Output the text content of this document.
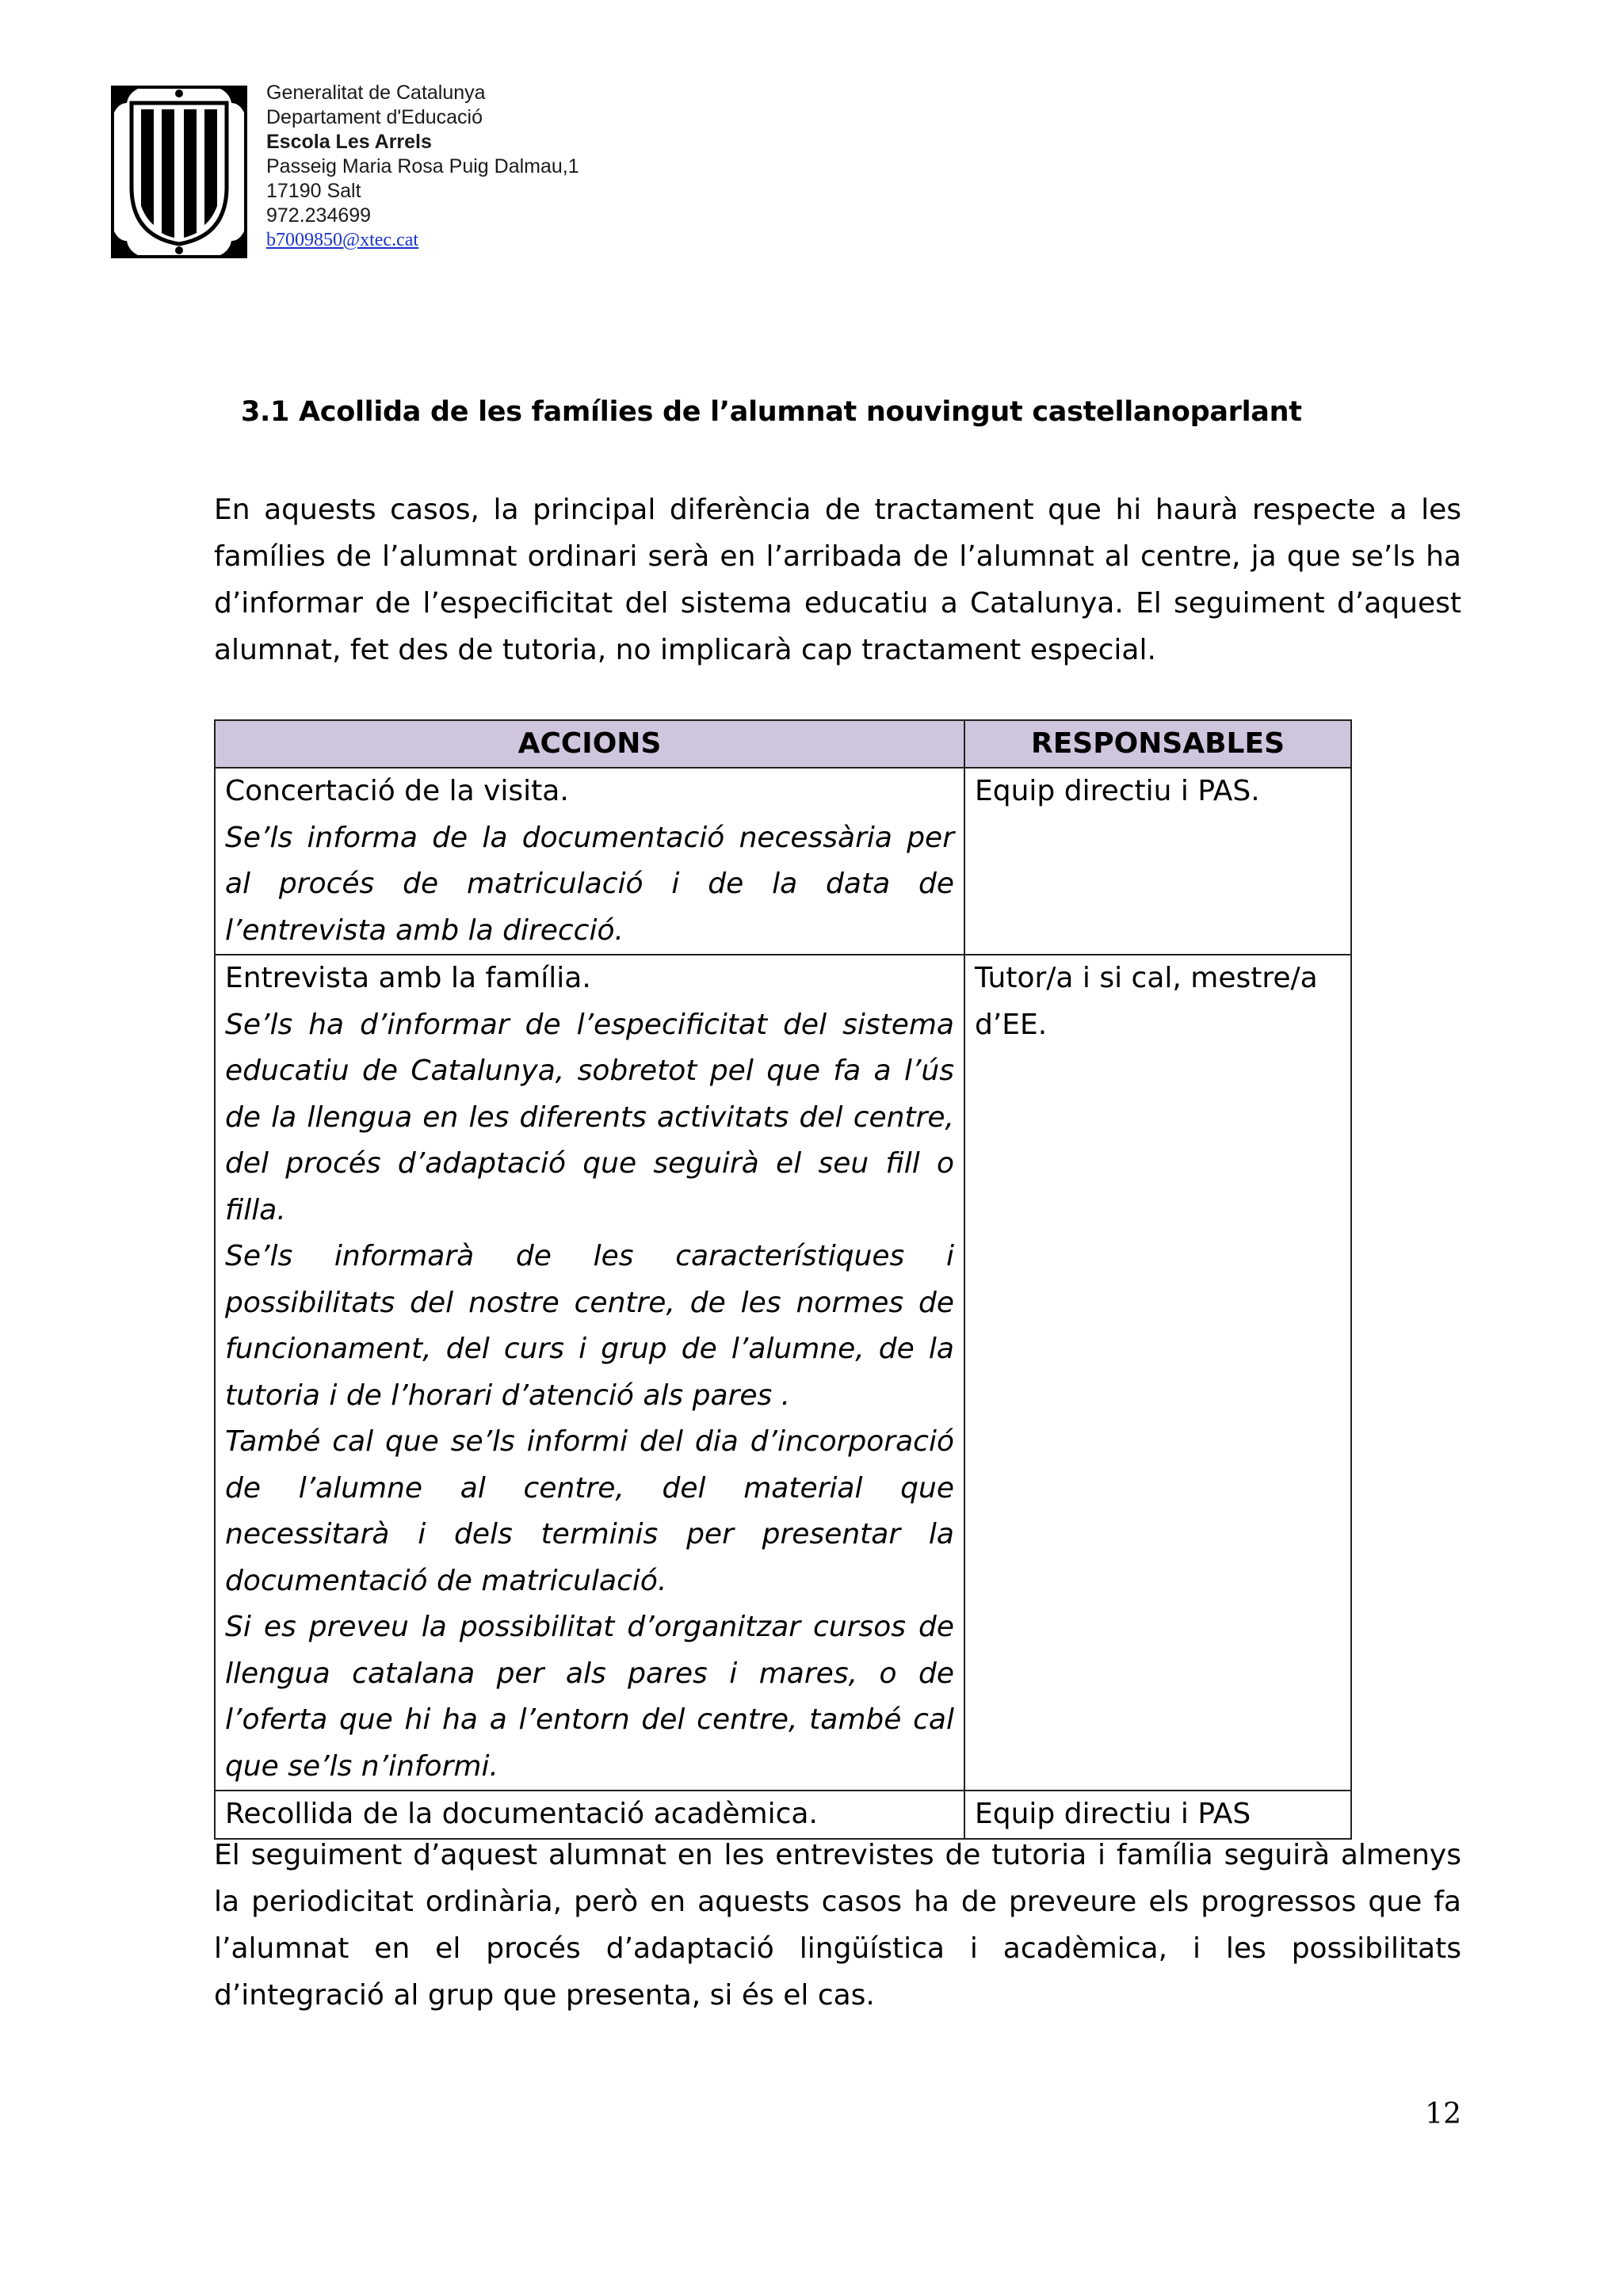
Generalitat de Catalunya
Departament d'Educació
Escola Les Arrels
Passeig Maria Rosa Puig Dalmau,1
17190 Salt
972.234699
b7009850@xtec.cat
3.1 Acollida de les famílies de l’alumnat nouvingut castellanoparlant
En aquests casos, la principal diferència de tractament que hi haurà respecte a les famílies de l’alumnat ordinari serà en l’arribada de l’alumnat al centre, ja que se’ls ha d’informar de l’especificitat del sistema educatiu a Catalunya. El seguiment d’aquest alumnat, fet des de tutoria, no implicarà cap tractament especial.
ACCIONS	RESPONSABLES

Concertació de la visita.

Se’ls informa de la documentació necessària per al procés de matriculació i de la data de l’entrevista amb la direcció.	Equip directiu i PAS.

Entrevista amb la família.

Se’ls ha d’informar de l’especificitat del sistema educatiu de Catalunya, sobretot pel que fa a l’ús de la llengua en les diferents activitats del centre, del procés d’adaptació que seguirà el seu fill o filla.

Se’ls informarà de les característiques i possibilitats del nostre centre, de les normes de funcionament, del curs i grup de l’alumne, de la tutoria i de l’horari d’atenció als pares .

També cal que se’ls informi del dia d’incorporació de l’alumne al centre, del material que necessitarà i dels terminis per presentar la documentació de matriculació.

Si es preveu la possibilitat d’organitzar cursos de llengua catalana per als pares i mares, o de l’oferta que hi ha a l’entorn del centre, també cal que se’ls n’informi.	Tutor/a i si cal, mestre/a d’EE.

Recollida de la documentació acadèmica.	Equip directiu i PAS
El seguiment d’aquest alumnat en les entrevistes de tutoria i família seguirà almenys la periodicitat ordinària, però en aquests casos ha de preveure els progressos que fa l’alumnat en el procés d’adaptació lingüística i acadèmica, i les possibilitats d’integració al grup que presenta, si és el cas.
12
